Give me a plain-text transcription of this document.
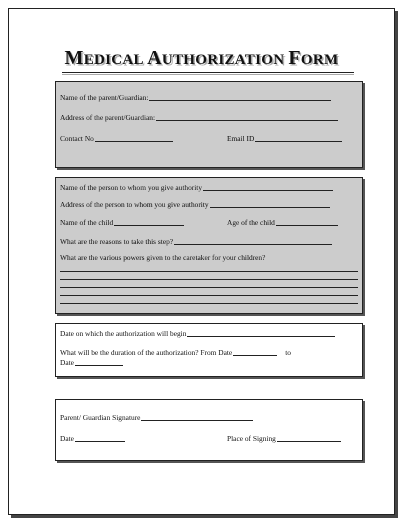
MEDICAL AUTHORIZATION FORM
Name of the parent/Guardian:
Address of the parent/Guardian:
Contact No	Email ID
Name of the person to whom you give authority
Address of the person to whom you give authority
Name of the child	Age of the child
What are the reasons to take this step?
What are the various powers given to the caretaker for your children?
Date on which the authorization will begin
What will be the duration of the authorization? From Date	to
Date
Parent/ Guardian Signature
Date	Place of Signing
